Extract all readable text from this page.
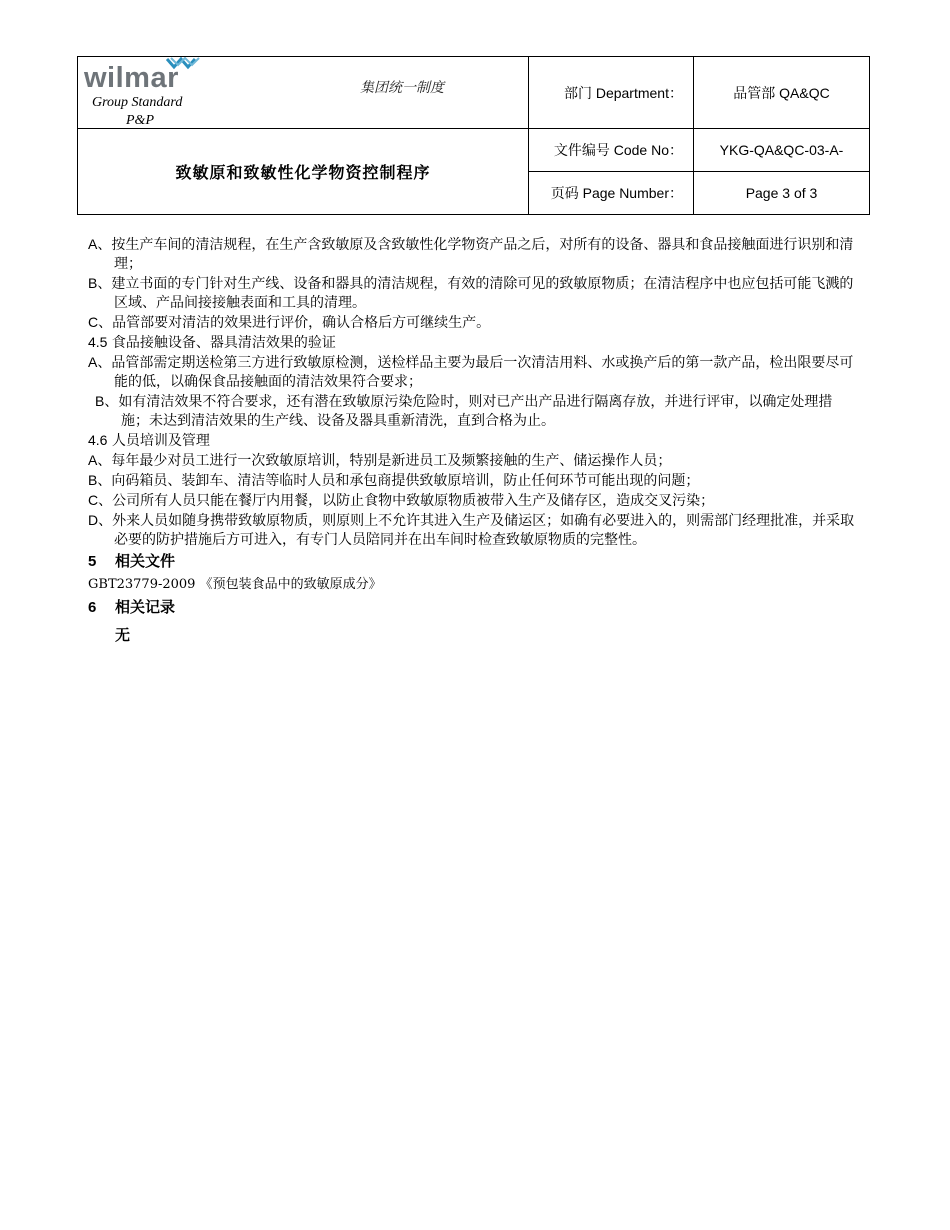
wilmar
Group Standard
P&P
集团统一制度	部门 Department：	品管部 QA&QC
致敏原和致敏性化学物资控制程序	文件编号 Code No：	YKG-QA&QC-03-A-
	页码 Page Number：	Page 3 of 3

A、按生产车间的清洁规程，在生产含致敏原及含致敏性化学物资产品之后，对所有的设备、器具和食品接触面进行识别和清理；

B、建立书面的专门针对生产线、设备和器具的清洁规程，有效的清除可见的致敏原物质；在清洁程序中也应包括可能飞溅的区域、产品间接接触表面和工具的清理。

C、品管部要对清洁的效果进行评价，确认合格后方可继续生产。

4.5 食品接触设备、器具清洁效果的验证

A、品管部需定期送检第三方进行致敏原检测，送检样品主要为最后一次清洁用料、水或换产后的第一款产品，检出限要尽可能的低，以确保食品接触面的清洁效果符合要求；

B、如有清洁效果不符合要求，还有潜在致敏原污染危险时，则对已产出产品进行隔离存放，并进行评审，以确定处理措施；未达到清洁效果的生产线、设备及器具重新清洗，直到合格为止。

4.6 人员培训及管理

A、每年最少对员工进行一次致敏原培训，特别是新进员工及频繁接触的生产、储运操作人员；

B、向码箱员、装卸车、清洁等临时人员和承包商提供致敏原培训，防止任何环节可能出现的问题；

C、公司所有人员只能在餐厅内用餐，以防止食物中致敏原物质被带入生产及储存区，造成交叉污染；

D、外来人员如随身携带致敏原物质，则原则上不允许其进入生产及储运区；如确有必要进入的，则需部门经理批准，并采取必要的防护措施后方可进入，有专门人员陪同并在出车间时检查致敏原物质的完整性。

5 相关文件

GBT23779-2009 《预包装食品中的致敏原成分》

6 相关记录

无
